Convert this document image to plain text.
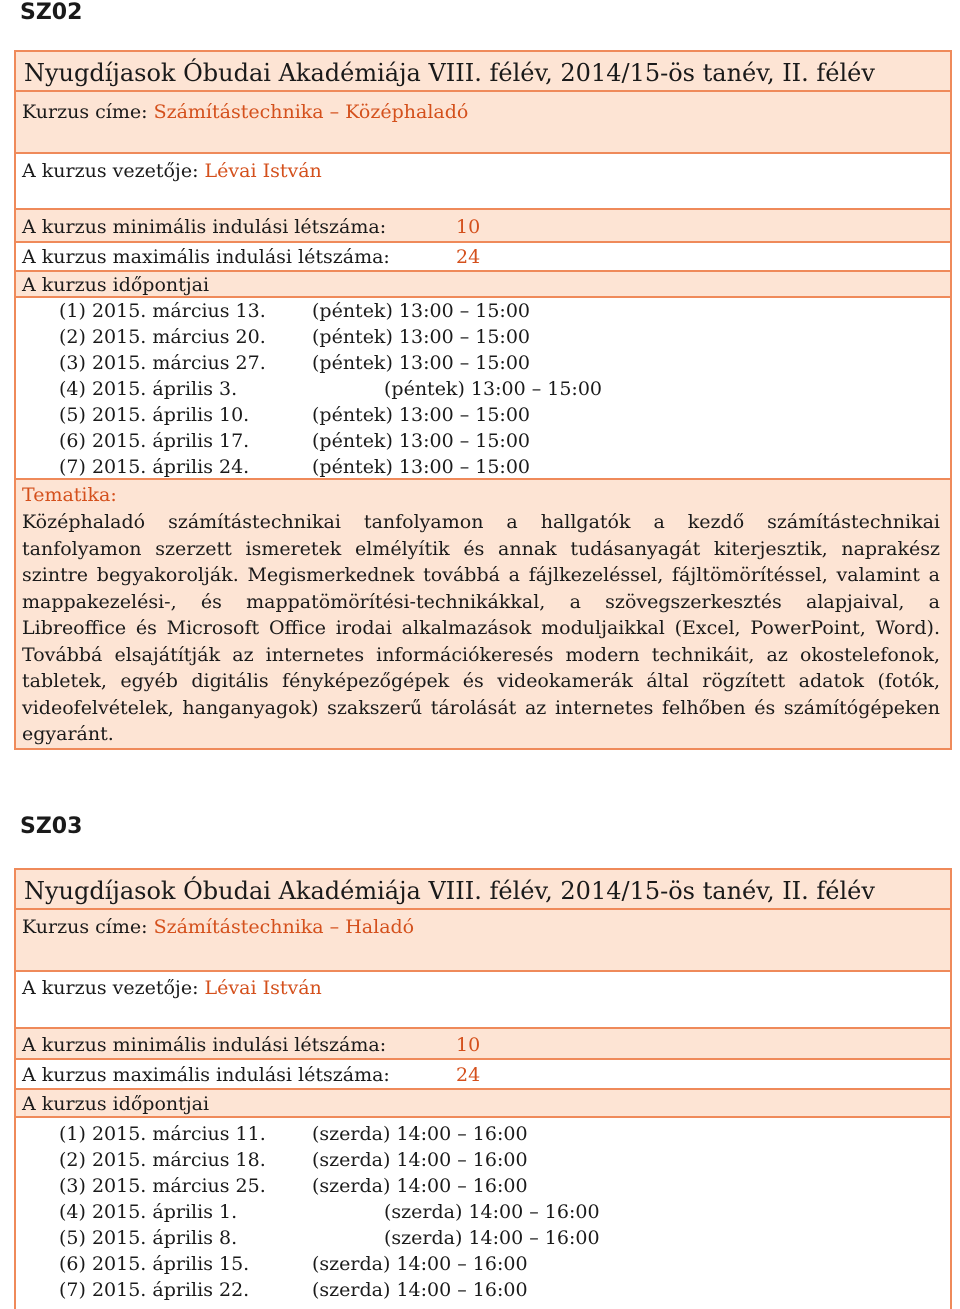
SZ02
Nyugdíjasok Óbudai Akadémiája VIII. félév, 2014/15-ös tanév, II. félév
Kurzus címe: Számítástechnika – Középhaladó
A kurzus vezetője: Lévai István
A kurzus minimális indulási létszáma:	10
A kurzus maximális indulási létszáma:	24
A kurzus időpontjai
(1) 2015. március 13. (péntek) 13:00 – 15:00
(2) 2015. március 20. (péntek) 13:00 – 15:00
(3) 2015. március 27. (péntek) 13:00 – 15:00
(4) 2015. április 3.	(péntek) 13:00 – 15:00
(5) 2015. április 10.	(péntek) 13:00 – 15:00
(6) 2015. április 17.	(péntek) 13:00 – 15:00
(7) 2015. április 24.	(péntek) 13:00 – 15:00
Tematika:
Középhaladó számítástechnikai tanfolyamon a hallgatók a kezdő számítástechnikai tanfolyamon szerzett ismeretek elmélyítik és annak tudásanyagát kiterjesztik, naprakész szintre begyakorolják. Megismerkednek továbbá a fájlkezeléssel, fájltömörítéssel, valamint a mappakezelési-, és mappatömörítési-technikákkal, a szövegszerkesztés alapjaival, a Libreoffice és Microsoft Office irodai alkalmazások moduljaikkal (Excel, PowerPoint, Word). Továbbá elsajátítják az internetes információkeresés modern technikáit, az okostelefonok, tabletek, egyéb digitális fényképezőgépek és videokamerák által rögzített adatok (fotók, videofelvételek, hanganyagok) szakszerű tárolását az internetes felhőben és számítógépeken egyaránt.
SZ03
Nyugdíjasok Óbudai Akadémiája VIII. félév, 2014/15-ös tanév, II. félév
Kurzus címe: Számítástechnika – Haladó
A kurzus vezetője: Lévai István
A kurzus minimális indulási létszáma:	10
A kurzus maximális indulási létszáma:	24
A kurzus időpontjai
(1) 2015. március 11. (szerda) 14:00 – 16:00
(2) 2015. március 18. (szerda) 14:00 – 16:00
(3) 2015. március 25. (szerda) 14:00 – 16:00
(4) 2015. április 1.	(szerda) 14:00 – 16:00
(5) 2015. április 8.	(szerda) 14:00 – 16:00
(6) 2015. április 15.	(szerda) 14:00 – 16:00
(7) 2015. április 22.	(szerda) 14:00 – 16:00
